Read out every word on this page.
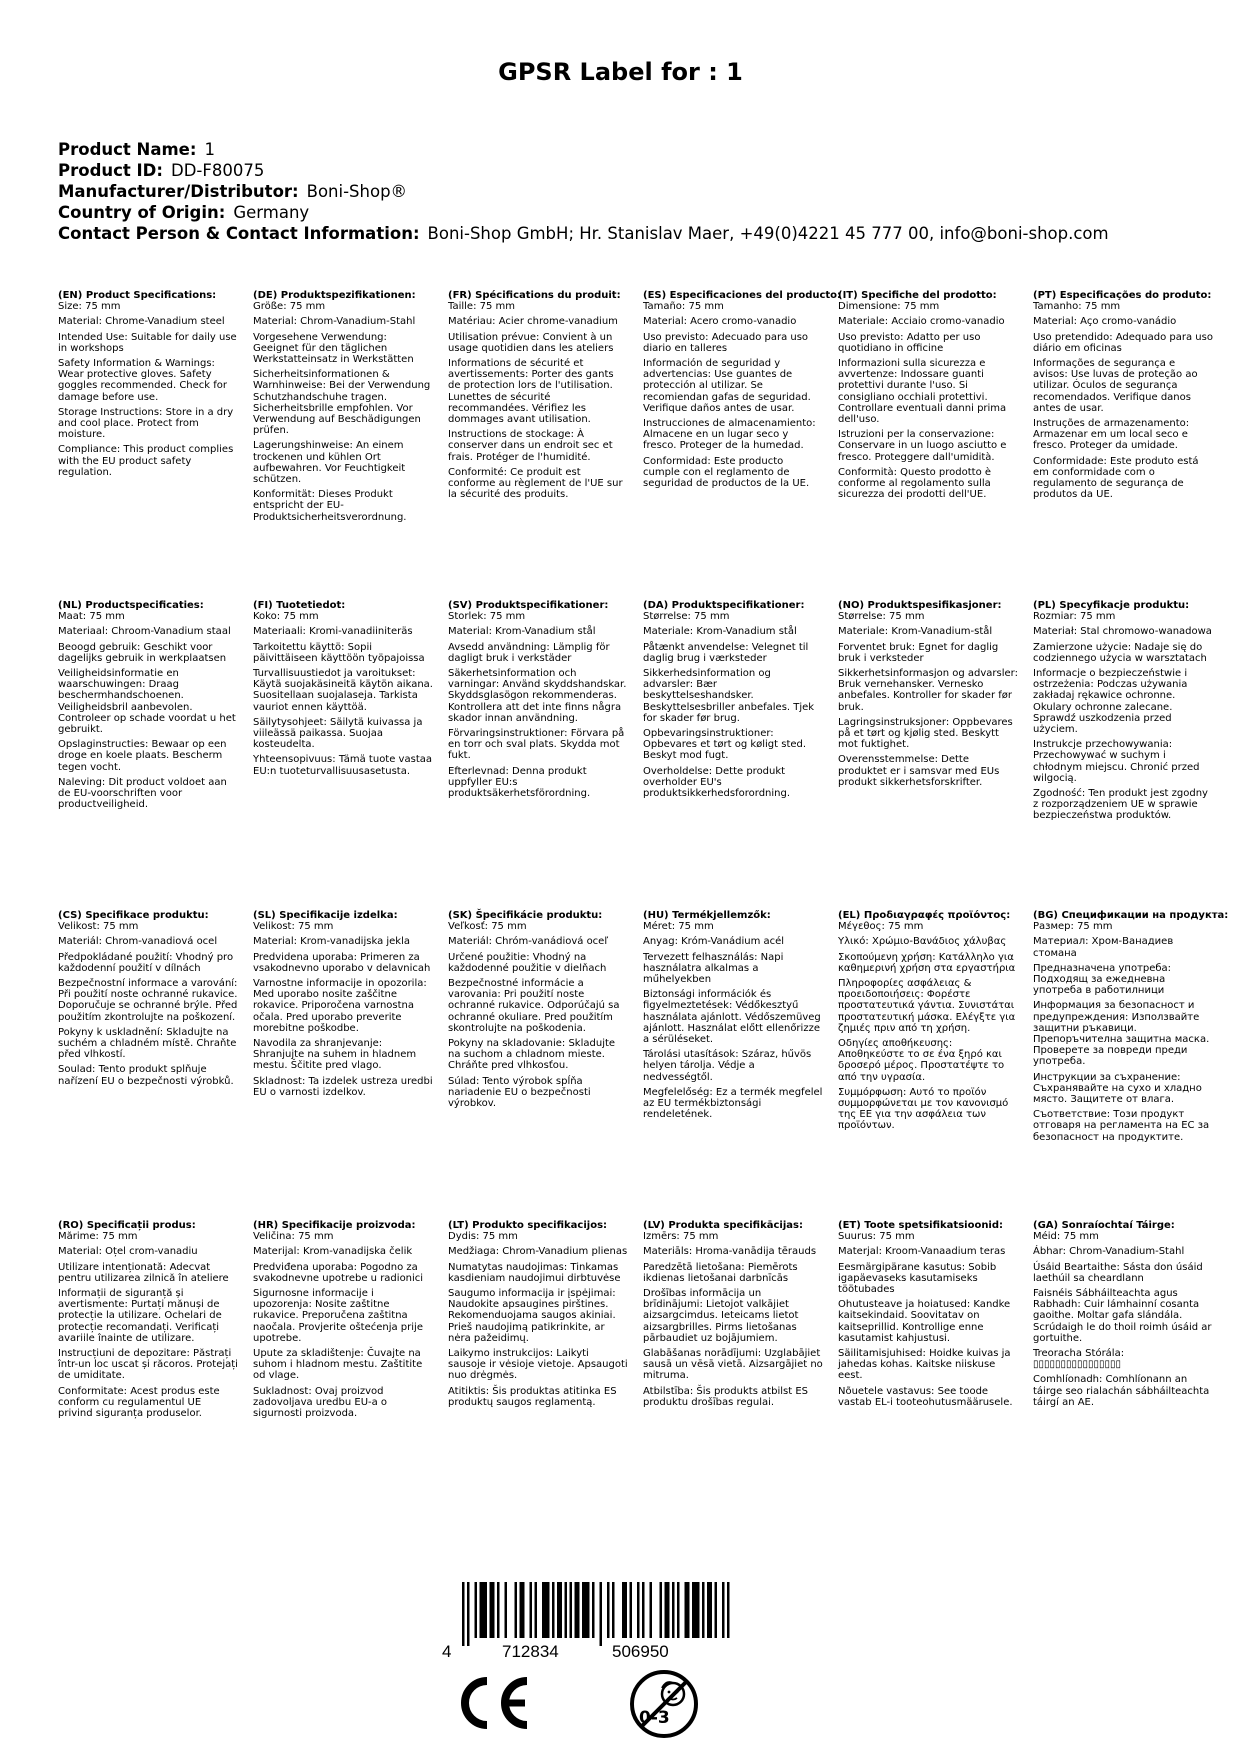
GPSR Label for : 1
Product Name: 1
Product ID: DD-F80075
Manufacturer/Distributor: Boni-Shop®
Country of Origin: Germany
Contact Person & Contact Information: Boni-Shop GmbH; Hr. Stanislav Maer, +49(0)4221 45 777 00, info@boni-shop.com
(EN) Product Specifications:
Size: 75 mm
Material: Chrome-Vanadium steel
Intended Use: Suitable for daily use in workshops
Safety Information & Warnings: Wear protective gloves. Safety goggles recommended. Check for damage before use.
Storage Instructions: Store in a dry and cool place. Protect from moisture.
Compliance: This product complies with the EU product safety regulation.
(DE) Produktspezifikationen:
Größe: 75 mm
Material: Chrom-Vanadium-Stahl
Vorgesehene Verwendung: Geeignet für den täglichen Werkstatteinsatz in Werkstätten
Sicherheitsinformationen & Warnhinweise: Bei der Verwendung Schutzhandschuhe tragen. Sicherheitsbrille empfohlen. Vor Verwendung auf Beschädigungen prüfen.
Lagerungshinweise: An einem trockenen und kühlen Ort aufbewahren. Vor Feuchtigkeit schützen.
Konformität: Dieses Produkt entspricht der EU-Produktsicherheitsverordnung.
(FR) Spécifications du produit:
Taille: 75 mm
Matériau: Acier chrome-vanadium
Utilisation prévue: Convient à un usage quotidien dans les ateliers
Informations de sécurité et avertissements: Porter des gants de protection lors de l'utilisation. Lunettes de sécurité recommandées. Vérifiez les dommages avant utilisation.
Instructions de stockage: À conserver dans un endroit sec et frais. Protéger de l'humidité.
Conformité: Ce produit est conforme au règlement de l'UE sur la sécurité des produits.
(ES) Especificaciones del producto:
Tamaño: 75 mm
Material: Acero cromo-vanadio
Uso previsto: Adecuado para uso diario en talleres
Información de seguridad y advertencias: Use guantes de protección al utilizar. Se recomiendan gafas de seguridad. Verifique daños antes de usar.
Instrucciones de almacenamiento: Almacene en un lugar seco y fresco. Proteger de la humedad.
Conformidad: Este producto cumple con el reglamento de seguridad de productos de la UE.
(IT) Specifiche del prodotto:
Dimensione: 75 mm
Materiale: Acciaio cromo-vanadio
Uso previsto: Adatto per uso quotidiano in officine
Informazioni sulla sicurezza e avvertenze: Indossare guanti protettivi durante l'uso. Si consigliano occhiali protettivi. Controllare eventuali danni prima dell'uso.
Istruzioni per la conservazione: Conservare in un luogo asciutto e fresco. Proteggere dall'umidità.
Conformità: Questo prodotto è conforme al regolamento sulla sicurezza dei prodotti dell'UE.
(PT) Especificações do produto:
Tamanho: 75 mm
Material: Aço cromo-vanádio
Uso pretendido: Adequado para uso diário em oficinas
Informações de segurança e avisos: Use luvas de proteção ao utilizar. Óculos de segurança recomendados. Verifique danos antes de usar.
Instruções de armazenamento: Armazenar em um local seco e fresco. Proteger da umidade.
Conformidade: Este produto está em conformidade com o regulamento de segurança de produtos da UE.
(NL) Productspecificaties:
Maat: 75 mm
Materiaal: Chroom-Vanadium staal
Beoogd gebruik: Geschikt voor dagelijks gebruik in werkplaatsen
Veiligheidsinformatie en waarschuwingen: Draag beschermhandschoenen. Veiligheidsbril aanbevolen. Controleer op schade voordat u het gebruikt.
Opslaginstructies: Bewaar op een droge en koele plaats. Bescherm tegen vocht.
Naleving: Dit product voldoet aan de EU-voorschriften voor productveiligheid.
(FI) Tuotetiedot:
Koko: 75 mm
Materiaali: Kromi-vanadiiniteräs
Tarkoitettu käyttö: Sopii päivittäiseen käyttöön työpajoissa
Turvallisuustiedot ja varoitukset: Käytä suojakäsineitä käytön aikana. Suositellaan suojalaseja. Tarkista vauriot ennen käyttöä.
Säilytysohjeet: Säilytä kuivassa ja viileässä paikassa. Suojaa kosteudelta.
Yhteensopivuus: Tämä tuote vastaa EU:n tuoteturvallisuusasetusta.
(SV) Produktspecifikationer:
Storlek: 75 mm
Material: Krom-Vanadium stål
Avsedd användning: Lämplig för dagligt bruk i verkstäder
Säkerhetsinformation och varningar: Använd skyddshandskar. Skyddsglasögon rekommenderas. Kontrollera att det inte finns några skador innan användning.
Förvaringsinstruktioner: Förvara på en torr och sval plats. Skydda mot fukt.
Efterlevnad: Denna produkt uppfyller EU:s produktsäkerhetsförordning.
(DA) Produktspecifikationer:
Størrelse: 75 mm
Materiale: Krom-Vanadium stål
Påtænkt anvendelse: Velegnet til daglig brug i værksteder
Sikkerhedsinformation og advarsler: Bær beskyttelseshandsker. Beskyttelsesbriller anbefales. Tjek for skader før brug.
Opbevaringsinstruktioner: Opbevares et tørt og køligt sted. Beskyt mod fugt.
Overholdelse: Dette produkt overholder EU's produktsikkerhedsforordning.
(NO) Produktspesifikasjoner:
Størrelse: 75 mm
Materiale: Krom-Vanadium-stål
Forventet bruk: Egnet for daglig bruk i verksteder
Sikkerhetsinformasjon og advarsler: Bruk vernehansker. Vernesko anbefales. Kontroller for skader før bruk.
Lagringsinstruksjoner: Oppbevares på et tørt og kjølig sted. Beskytt mot fuktighet.
Overensstemmelse: Dette produktet er i samsvar med EUs produkt sikkerhetsforskrifter.
(PL) Specyfikacje produktu:
Rozmiar: 75 mm
Materiał: Stal chromowo-wanadowa
Zamierzone użycie: Nadaje się do codziennego użycia w warsztatach
Informacje o bezpieczeństwie i ostrzeżenia: Podczas używania zakładaj rękawice ochronne. Okulary ochronne zalecane. Sprawdź uszkodzenia przed użyciem.
Instrukcje przechowywania: Przechowywać w suchym i chłodnym miejscu. Chronić przed wilgocią.
Zgodność: Ten produkt jest zgodny z rozporządzeniem UE w sprawie bezpieczeństwa produktów.
(CS) Specifikace produktu:
Velikost: 75 mm
Materiál: Chrom-vanadiová ocel
Předpokládané použití: Vhodný pro každodenní použití v dílnách
Bezpečnostní informace a varování: Při použití noste ochranné rukavice. Doporučuje se ochranné brýle. Před použitím zkontrolujte na poškození.
Pokyny k uskladnění: Skladujte na suchém a chladném místě. Chraňte před vlhkostí.
Soulad: Tento produkt splňuje nařízení EU o bezpečnosti výrobků.
(SL) Specifikacije izdelka:
Velikost: 75 mm
Material: Krom-vanadijska jekla
Predvidena uporaba: Primeren za vsakodnevno uporabo v delavnicah
Varnostne informacije in opozorila: Med uporabo nosite zaščitne rokavice. Priporočena varnostna očala. Pred uporabo preverite morebitne poškodbe.
Navodila za shranjevanje: Shranjujte na suhem in hladnem mestu. Ščitite pred vlago.
Skladnost: Ta izdelek ustreza uredbi EU o varnosti izdelkov.
(SK) Špecifikácie produktu:
Veľkosť: 75 mm
Materiál: Chróm-vanádiová oceľ
Určené použitie: Vhodný na každodenné použitie v dielňach
Bezpečnostné informácie a varovania: Pri použití noste ochranné rukavice. Odporúčajú sa ochranné okuliare. Pred použitím skontrolujte na poškodenia.
Pokyny na skladovanie: Skladujte na suchom a chladnom mieste. Chráňte pred vlhkosťou.
Súlad: Tento výrobok spĺňa nariadenie EU o bezpečnosti výrobkov.
(HU) Termékjellemzők:
Méret: 75 mm
Anyag: Króm-Vanádium acél
Tervezett felhasználás: Napi használatra alkalmas a műhelyekben
Biztonsági információk és figyelmeztetések: Védőkesztyű használata ajánlott. Védőszemüveg ajánlott. Használat előtt ellenőrizze a sérüléseket.
Tárolási utasítások: Száraz, hűvös helyen tárolja. Védje a nedvességtől.
Megfelelőség: Ez a termék megfelel az EU termékbiztonsági rendeletének.
(EL) Προδιαγραφές προϊόντος:
Μέγεθος: 75 mm
Υλικό: Χρώμιο-Βανάδιος χάλυβας
Σκοπούμενη χρήση: Κατάλληλο για καθημερινή χρήση στα εργαστήρια
Πληροφορίες ασφάλειας & προειδοποιήσεις: Φορέστε προστατευτικά γάντια. Συνιστάται προστατευτική μάσκα. Ελέγξτε για ζημιές πριν από τη χρήση.
Οδηγίες αποθήκευσης: Αποθηκεύστε το σε ένα ξηρό και δροσερό μέρος. Προστατέψτε το από την υγρασία.
Συμμόρφωση: Αυτό το προϊόν συμμορφώνεται με τον κανονισμό της ΕΕ για την ασφάλεια των προϊόντων.
(BG) Спецификации на продукта:
Размер: 75 mm
Материал: Хром-Ванадиев стомана
Предназначена употреба: Подходящ за ежедневна употреба в работилници
Информация за безопасност и предупреждения: Използвайте защитни ръкавици. Препоръчителна защитна маска. Проверете за повреди преди употреба.
Инструкции за съхранение: Съхранявайте на сухо и хладно място. Защитете от влага.
Съответствие: Този продукт отговаря на регламента на ЕС за безопасност на продуктите.
(RO) Specificații produs:
Mărime: 75 mm
Material: Oțel crom-vanadiu
Utilizare intenționată: Adecvat pentru utilizarea zilnică în ateliere
Informații de siguranță și avertismente: Purtați mănuși de protecție la utilizare. Ochelari de protecție recomandați. Verificați avariile înainte de utilizare.
Instrucțiuni de depozitare: Păstrați într-un loc uscat și răcoros. Protejați de umiditate.
Conformitate: Acest produs este conform cu regulamentul UE privind siguranța produselor.
(HR) Specifikacije proizvoda:
Veličina: 75 mm
Materijal: Krom-vanadijska čelik
Predviđena uporaba: Pogodno za svakodnevne upotrebe u radionici
Sigurnosne informacije i upozorenja: Nosite zaštitne rukavice. Preporučena zaštitna naočala. Provjerite oštećenja prije upotrebe.
Upute za skladištenje: Čuvajte na suhom i hladnom mestu. Zaštitite od vlage.
Sukladnost: Ovaj proizvod zadovoljava uredbu EU-a o sigurnosti proizvoda.
(LT) Produkto specifikacijos:
Dydis: 75 mm
Medžiaga: Chrom-Vanadium plienas
Numatytas naudojimas: Tinkamas kasdieniam naudojimui dirbtuvėse
Saugumo informacija ir įspėjimai: Naudokite apsaugines pirštines. Rekomenduojama saugos akiniai. Prieš naudojimą patikrinkite, ar nėra pažeidimų.
Laikymo instrukcijos: Laikyti sausoje ir vėsioje vietoje. Apsaugoti nuo drėgmės.
Atitiktis: Šis produktas atitinka ES produktų saugos reglamentą.
(LV) Produkta specifikācijas:
Izmērs: 75 mm
Materiāls: Hroma-vanādija tērauds
Paredzētā lietošana: Piemērots ikdienas lietošanai darbnīcās
Drošības informācija un brīdinājumi: Lietojot valkājiet aizsargcimdus. Ieteicams lietot aizsargbrilles. Pirms lietošanas pārbaudiet uz bojājumiem.
Glabāšanas norādījumi: Uzglabājiet sausā un vēsā vietā. Aizsargājiet no mitruma.
Atbilstība: Šis produkts atbilst ES produktu drošības regulai.
(ET) Toote spetsifikatsioonid:
Suurus: 75 mm
Materjal: Kroom-Vanaadium teras
Eesmärgipärane kasutus: Sobib igapäevaseks kasutamiseks töötubades
Ohutusteave ja hoiatused: Kandke kaitsekindaid. Soovitatav on kaitseprillid. Kontrollige enne kasutamist kahjustusi.
Säilitamisjuhised: Hoidke kuivas ja jahedas kohas. Kaitske niiskuse eest.
Nõuetele vastavus: See toode vastab EL-i tooteohutusmäärusele.
(GA) Sonraíochtaí Táirge:
Méid: 75 mm
Ábhar: Chrom-Vanadium-Stahl
Úsáid Beartaithe: Sásta don úsáid laethúil sa cheardlann
Faisnéis Sábháilteachta agus Rabhadh: Cuir lámhainní cosanta gaoithe. Moltar gafa slándála. Scrúdaigh le do thoil roimh úsáid ar gortuithe.
Treoracha Stórála: ▯▯▯▯▯▯▯▯▯▯▯▯▯▯▯▯
Comhlíonadh: Comhlíonann an táirge seo rialachán sábháilteachta táirgí an AE.
4	712834	506950
0-3
